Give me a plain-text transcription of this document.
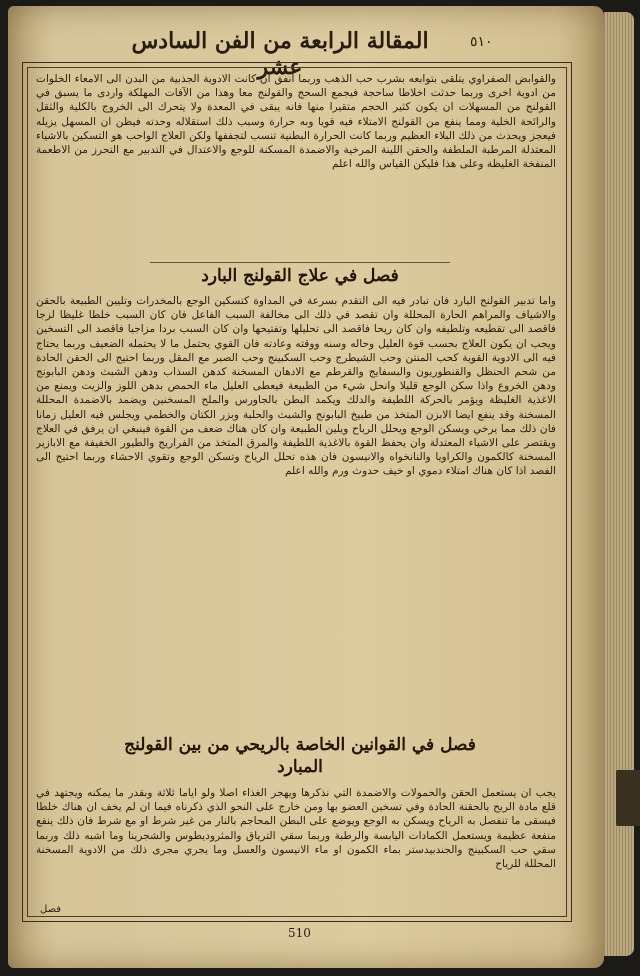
المقالة الرابعة من الفن السادس عشر
٥١٠
والقوابض الصفراوي يتلقى بتوابعه بشرب حب الذهب وربما انفق ان كانت الادوية الجذبية من البدن الى الامعاء الخلوات من ادوية اخرى وربما حدثت اخلاطا ساحجة فيجمع السحج والقولنج معا وهذا من الآفات المهلكة واردى ما يسبق في القولنج من المسهلات ان يكون كثير الحجم متقيرا منها فانه يبقى في المعدة ولا يتحرك الى الخروج بالكلية والثقل والرائحة الخلية ومما ينفع من القولنج الامتلاء فيه قويا وبه حرارة وسبب ذلك استقلاله وحدته فيظن ان المسهل يزيله فيعجز ويحدث من ذلك البلاء العظيم وربما كانت الحرارة البطنية تنسب لتجففها ولكن العلاج الواحب هو التسكين بالاشياء المعتدلة المرطبة الملطفة والحقن اللينة المرخية والاضمدة المسكنة للوجع والاعتدال في التدبير مع التحرز من الاطعمة المنفخة الغليظة وعلى هذا فليكن القياس والله اعلم
فصل في علاج القولنج البارد
واما تدبير القولنج البارد فان تبادر فيه الى التقدم بسرعة في المداوة كتسكين الوجع بالمخدرات وتليين الطبيعة بالحقن والاشياف والمراهم الحارة المحللة وان تقصد في ذلك الى مخالفة السبب الفاعل فان كان السبب خلطا غليظا لزجا فاقصد الى تقطيعه وتلطيفه وان كان ريحا فاقصد الى تحليلها وتفتيحها وان كان السبب بردا مزاجيا فاقصد الى التسخين ويجب ان يكون العلاج بحسب قوة العليل وحاله وسنه ووقته وعادته فان القوي يحتمل ما لا يحتمله الضعيف وربما يحتاج فيه الى الادوية القوية كحب المنتن وحب الشيطرج وحب السكبينج وحب الصبر مع المقل وربما احتيج الى الحقن الحادة من شحم الحنظل والقنطوريون والبسفايج والقرطم مع الادهان المسخنة كدهن السذاب ودهن الشبث ودهن البابونج ودهن الخروع واذا سكن الوجع قليلا وانحل شيء من الطبيعة فيعطى العليل ماء الحمص بدهن اللوز والزيت ويمنع من الاغذية الغليظة ويؤمر بالحركة اللطيفة والدلك ويكمد البطن بالجاورس والملح المسخنين ويضمد بالاضمدة المحللة المسخنة وقد ينفع ايضا الابزن المتخذ من طبيخ البابونج والشبث والحلبة وبزر الكتان والخطمي ويجلس فيه العليل زمانا فان ذلك مما يرخي ويسكن الوجع ويحلل الرياح ويلين الطبيعة وان كان هناك ضعف من القوة فينبغي ان يرفق في العلاج ويقتصر على الاشياء المعتدلة وان يحفظ القوة بالاغذية اللطيفة والمرق المتخذ من الفراريج والطيور الخفيفة مع الابازير المسخنة كالكمون والكراويا والنانخواه والانيسون فان هذه تحلل الرياح وتسكن الوجع وتقوي الاحشاء وربما احتيج الى الفصد اذا كان هناك امتلاء دموي او خيف حدوث ورم والله اعلم
فصل في القوانين الخاصة بالريحي من بين القولنج المبارد
يجب ان يستعمل الحقن والحمولات والاضمدة التي نذكرها ويهجر الغذاء اصلا ولو اياما ثلاثة وبقدر ما يمكنه ويجتهد في قلع مادة الريح بالحقنة الحادة وفي تسخين العضو بها ومن خارج على النحو الذي ذكرناه فيما ان لم يخف ان هناك خلطا فيسقى ما تنفصل به الرياح ويسكن به الوجع ويوضع على البطن المحاجم بالنار من غير شرط او مع شرط فان ذلك ينفع منفعة عظيمة ويستعمل الكمادات اليابسة والرطبة وربما سقي الترياق والمثروديطوس والشجرينا وما اشبه ذلك وربما سقي حب السكبينج والجندبيدستر بماء الكمون او ماء الانيسون والعسل وما يجري مجرى ذلك من الادوية المسخنة المحللة للرياح
فصل
510
